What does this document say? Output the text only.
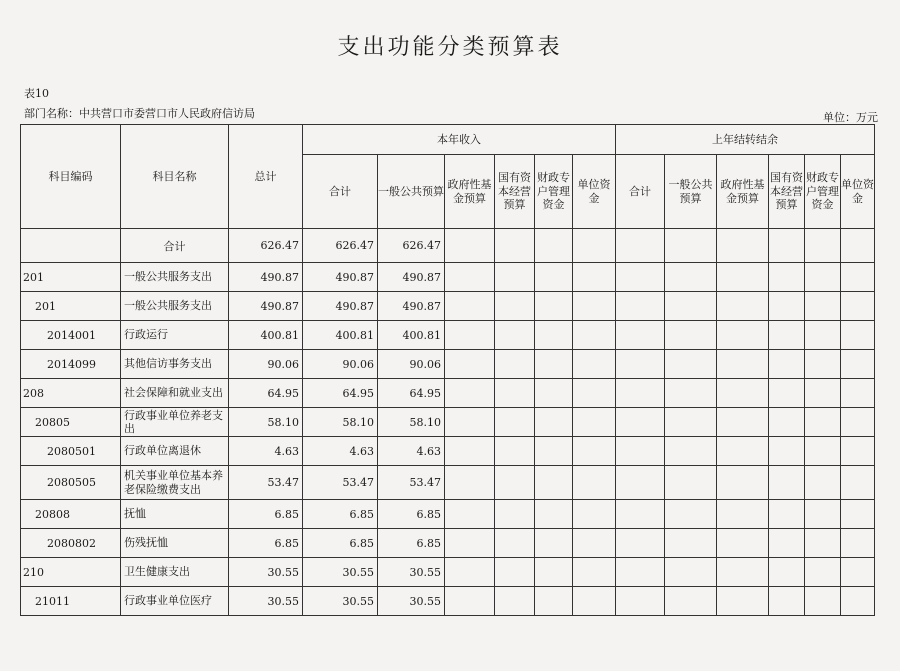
支出功能分类预算表
表10
部门名称：中共营口市委营口市人民政府信访局	单位：万元
科目编码	科目名称	总计	本年收入						上年结转结余					
			合计	一般公共预算	政府性基金预算	国有资本经营预算	财政专户管理资金	单位资金	合计	一般公共预算	政府性基金预算	国有资本经营预算	财政专户管理资金	单位资金
	合计	626.47	626.47	626.47										
201	一般公共服务支出	490.87	490.87	490.87										
201	一般公共服务支出	490.87	490.87	490.87										
2014001	行政运行	400.81	400.81	400.81										
2014099	其他信访事务支出	90.06	90.06	90.06										
208	社会保障和就业支出	64.95	64.95	64.95										
20805	行政事业单位养老支出	58.10	58.10	58.10										
2080501	行政单位离退休	4.63	4.63	4.63										
2080505	机关事业单位基本养老保险缴费支出	53.47	53.47	53.47										
20808	抚恤	6.85	6.85	6.85										
2080802	伤残抚恤	6.85	6.85	6.85										
210	卫生健康支出	30.55	30.55	30.55										
21011	行政事业单位医疗	30.55	30.55	30.55										
